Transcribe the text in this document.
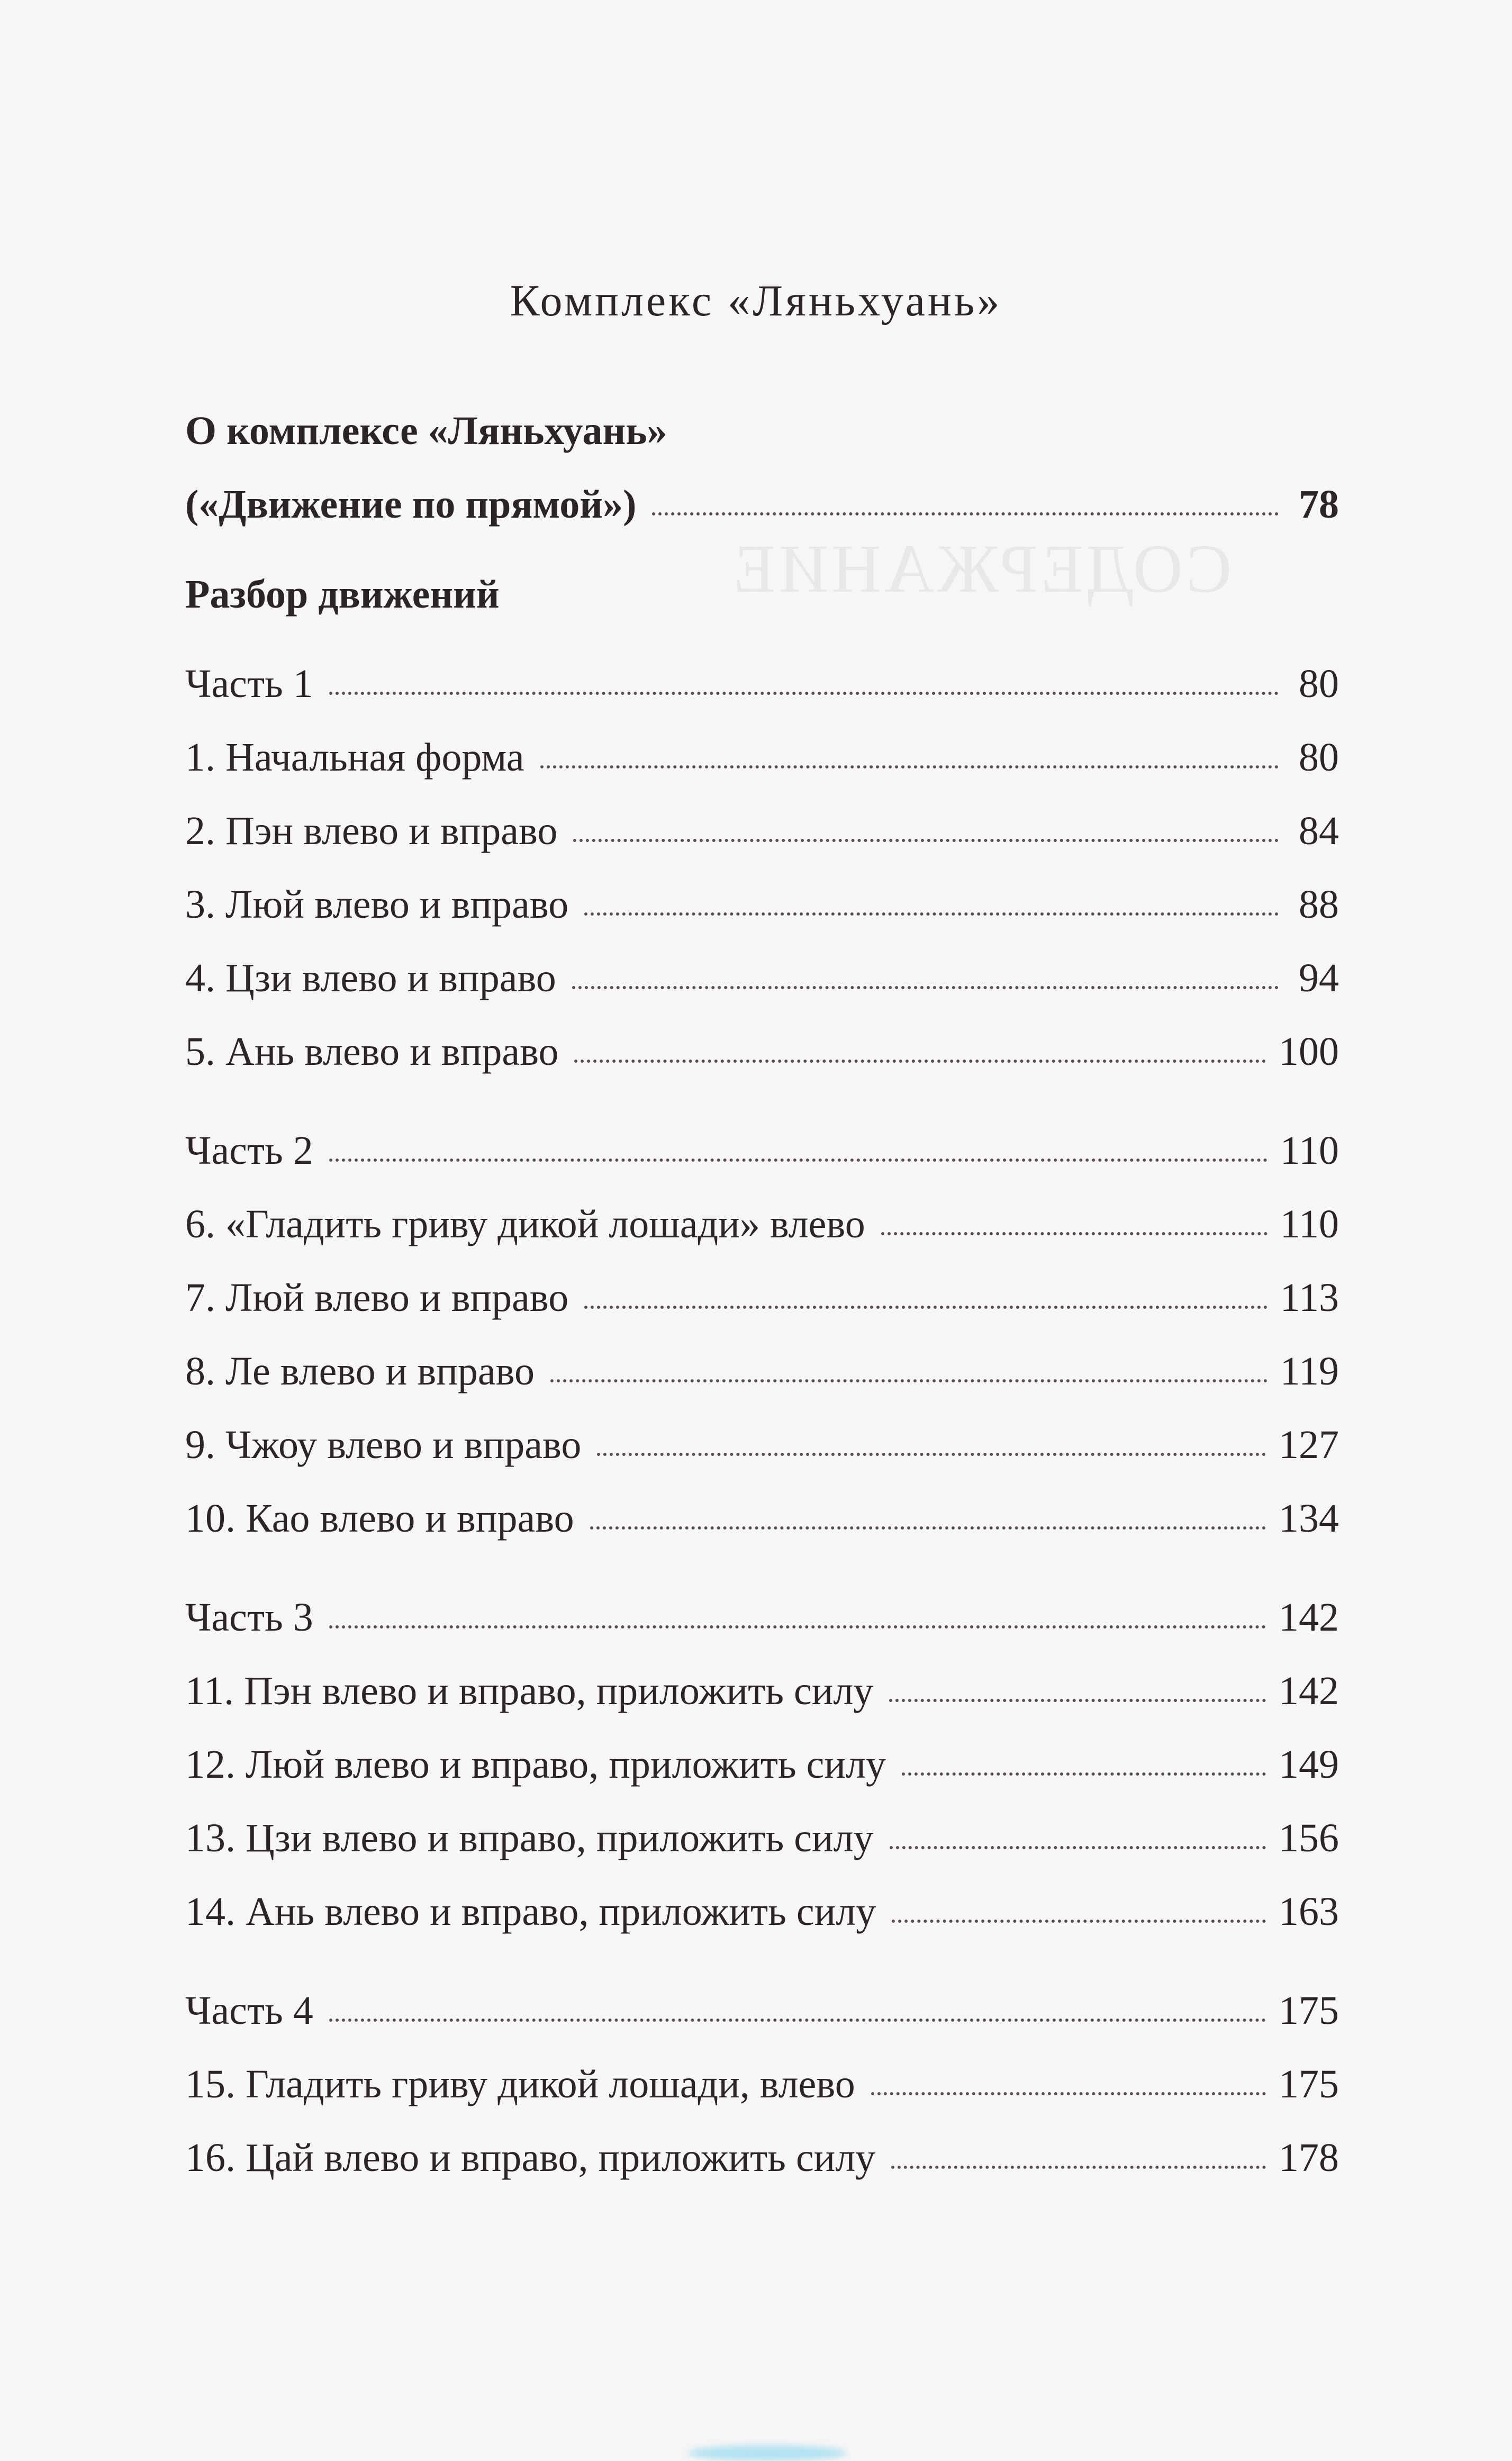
СОДЕРЖАНИЕ
Комплекс «Ляньхуань»
О комплексе «Ляньхуань»
(«Движение по прямой»)	78
Разбор движений
Часть 1	80
1. Начальная форма	80
2. Пэн влево и вправо	84
3. Люй влево и вправо	88
4. Цзи влево и вправо	94
5. Ань влево и вправо	100
Часть 2	110
6. «Гладить гриву дикой лошади» влево	110
7. Люй влево и вправо	113
8. Ле влево и вправо	119
9. Чжоу влево и вправо	127
10. Као влево и вправо	134
Часть 3	142
11. Пэн влево и вправо, приложить силу	142
12. Люй влево и вправо, приложить силу	149
13. Цзи влево и вправо, приложить силу	156
14. Ань влево и вправо, приложить силу	163
Часть 4	175
15. Гладить гриву дикой лошади, влево	175
16. Цай влево и вправо, приложить силу	178
